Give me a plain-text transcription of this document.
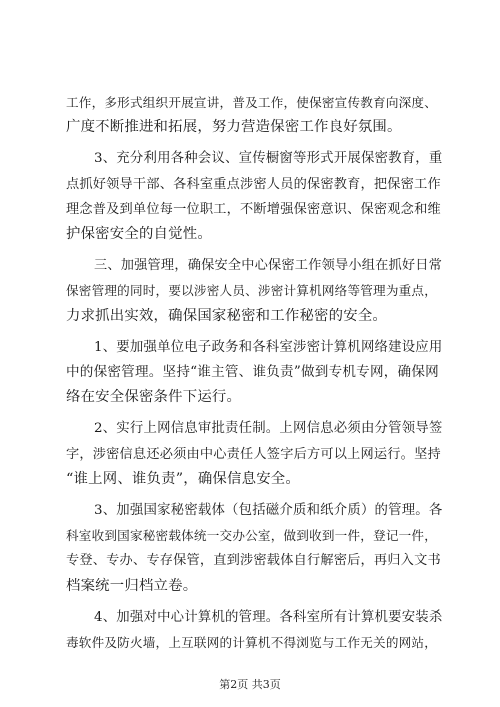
工作，多形式组织开展宣讲，普及工作，使保密宣传教育向深度、
广度不断推进和拓展，努力营造保密工作良好氛围。

3、充分利用各种会议、宣传橱窗等形式开展保密教育，重
点抓好领导干部、各科室重点涉密人员的保密教育，把保密工作
理念普及到单位每一位职工，不断增强保密意识、保密观念和维
护保密安全的自觉性。

三、加强管理，确保安全中心保密工作领导小组在抓好日常
保密管理的同时，要以涉密人员、涉密计算机网络等管理为重点，
力求抓出实效，确保国家秘密和工作秘密的安全。

1、要加强单位电子政务和各科室涉密计算机网络建设应用
中的保密管理。坚持“谁主管、谁负责”做到专机专网，确保网
络在安全保密条件下运行。

2、实行上网信息审批责任制。上网信息必须由分管领导签
字，涉密信息还必须由中心责任人签字后方可以上网运行。坚持
“谁上网、谁负责”，确保信息安全。

3、加强国家秘密载体（包括磁介质和纸介质）的管理。各
科室收到国家秘密载体统一交办公室，做到收到一件，登记一件，
专登、专办、专存保管，直到涉密载体自行解密后，再归入文书
档案统一归档立卷。

4、加强对中心计算机的管理。各科室所有计算机要安装杀
毒软件及防火墙，上互联网的计算机不得浏览与工作无关的网站，

第2页 共3页
